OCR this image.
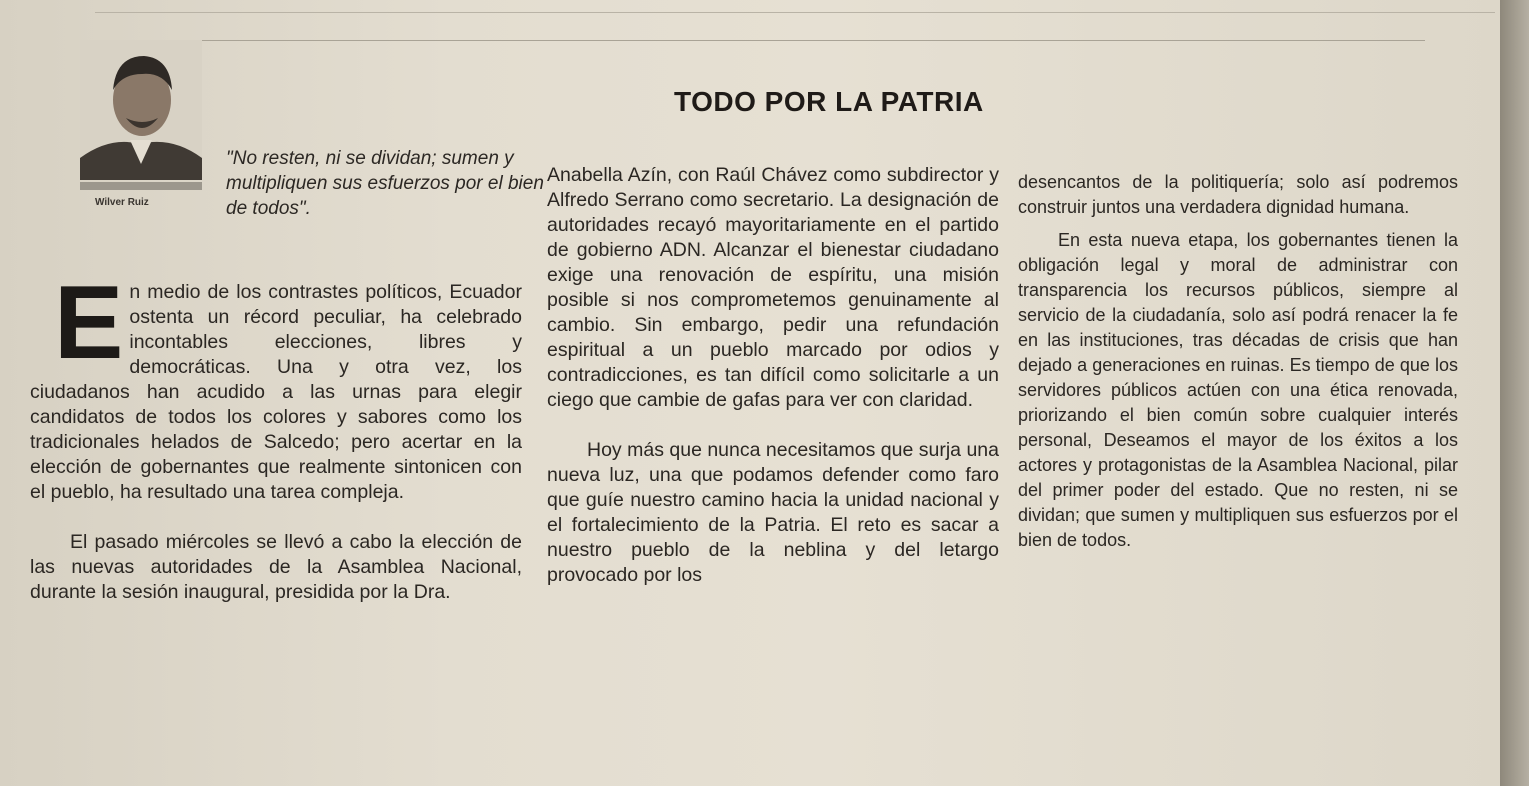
Wilver Ruiz
TODO POR LA PATRIA
"No resten, ni se dividan; sumen y multipliquen sus esfuerzos por el bien de todos".

En medio de los contrastes políticos, Ecuador ostenta un récord peculiar, ha celebrado incontables elecciones, libres y democráticas. Una y otra vez, los ciudadanos han acudido a las urnas para elegir candidatos de todos los colores y sabores como los tradicionales helados de Salcedo; pero acertar en la elección de gobernantes que realmente sintonicen con el pueblo, ha resultado una tarea compleja.

El pasado miércoles se llevó a cabo la elección de las nuevas autoridades de la Asamblea Nacional, durante la sesión inaugural, presidida por la Dra.

Anabella Azín, con Raúl Chávez como subdirector y Alfredo Serrano como secretario. La designación de autoridades recayó mayoritariamente en el partido de gobierno ADN. Alcanzar el bienestar ciudadano exige una renovación de espíritu, una misión posible si nos comprometemos genuinamente al cambio. Sin embargo, pedir una refundación espiritual a un pueblo marcado por odios y contradicciones, es tan difícil como solicitarle a un ciego que cambie de gafas para ver con claridad.

Hoy más que nunca necesitamos que surja una nueva luz, una que podamos defender como faro que guíe nuestro camino hacia la unidad nacional y el fortalecimiento de la Patria. El reto es sacar a nuestro pueblo de la neblina y del letargo provocado por los

desencantos de la politiquería; solo así podremos construir juntos una verdadera dignidad humana.

En esta nueva etapa, los gobernantes tienen la obligación legal y moral de administrar con transparencia los recursos públicos, siempre al servicio de la ciudadanía, solo así podrá renacer la fe en las instituciones, tras décadas de crisis que han dejado a generaciones en ruinas. Es tiempo de que los servidores públicos actúen con una ética renovada, priorizando el bien común sobre cualquier interés personal, Deseamos el mayor de los éxitos a los actores y protagonistas de la Asamblea Nacional, pilar del primer poder del estado. Que no resten, ni se dividan; que sumen y multipliquen sus esfuerzos por el bien de todos.
